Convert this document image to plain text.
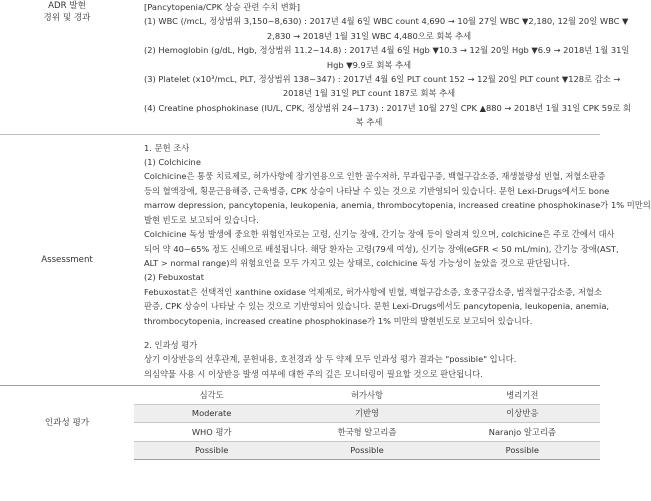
ADR 발현
경위 및 경과

[Pancytopenia/CPK 상승 관련 수치 변화]
(1) WBC (/mcL, 정상범위 3,150~8,630) : 2017년 4월 6일 WBC count 4,690 → 10월 27일 WBC ▼2,180, 12월 20일 WBC ▼
2,830 → 2018년 1월 31일 WBC 4,480으로 회복 추세
(2) Hemoglobin (g/dL, Hgb, 정상범위 11.2~14.8) : 2017년 4월 6일 Hgb ▼10.3 → 12월 20일 Hgb ▼6.9 → 2018년 1월 31일
Hgb ▼9.9로 회복 추세
(3) Platelet (x10³/mcL, PLT, 정상범위 138~347) : 2017년 4월 6일 PLT count 152 → 12월 20일 PLT count ▼128로 감소 →
2018년 1월 31일 PLT count 187로 회복 추세
(4) Creatine phosphokinase (IU/L, CPK, 정상범위 24~173) : 2017년 10월 27일 CPK ▲880 → 2018년 1월 31일 CPK 59로 회
복 추세

Assessment	
1. 문헌 조사
(1) Colchicine
Colchicine은 통풍 치료제로, 허가사항에 장기연용으로 인한 골수저하, 무과립구증, 백혈구감소증, 재생불량성 빈혈, 저혈소판증
등의 혈액장애, 횡문근융해증, 근육병증, CPK 상승이 나타날 수 있는 것으로 기반영되어 있습니다. 문헌 Lexi-Drugs에서도 bone
marrow depression, pancytopenia, leukopenia, anemia, thrombocytopenia, increased creatine phosphokinase가 1% 미만의
발현 빈도로 보고되어 있습니다.
Colchicine 독성 발생에 중요한 위험인자로는 고령, 신기능 장애, 간기능 장애 등이 알려져 있으며, colchicine은 주로 간에서 대사
되어 약 40~65% 정도 신배으로 배설됩니다. 해당 환자는 고령(79세 여성), 신기능 장애(eGFR < 50 mL/min), 간기능 장애(AST,
ALT > normal range)의 위험요인을 모두 가지고 있는 상태로, colchicine 독성 가능성이 높았을 것으로 판단됩니다.
(2) Febuxostat
Febuxostat은 선택적인 xanthine oxidase 억제제로, 허가사항에 빈혈, 백혈구감소증, 호중구감소증, 범적혈구감소증, 저혈소
판증, CPK 상승이 나타날 수 있는 것으로 기반영되어 있습니다. 문헌 Lexi-Drugs에서도 pancytopenia, leukopenia, anemia,
thrombocytopenia, increased creatine phosphokinase가 1% 미만의 발현빈도로 보고되어 있습니다.
2. 인과성 평가
상기 이상반응의 선후관계, 문헌내용, 호전경과 상 두 약제 모두 인과성 평가 결과는 "possible" 입니다.
의심약물 사용 시 이상반응 발생 여부에 대한 주의 깊은 모니터링이 필요할 것으로 판단됩니다.

인과성 평가	
심각도	허가사항	병리기전
Moderate	기반영	이상반응
WHO 평가	한국형 알고리즘	Naranjo 알고리즘
Possible	Possible	Possible
